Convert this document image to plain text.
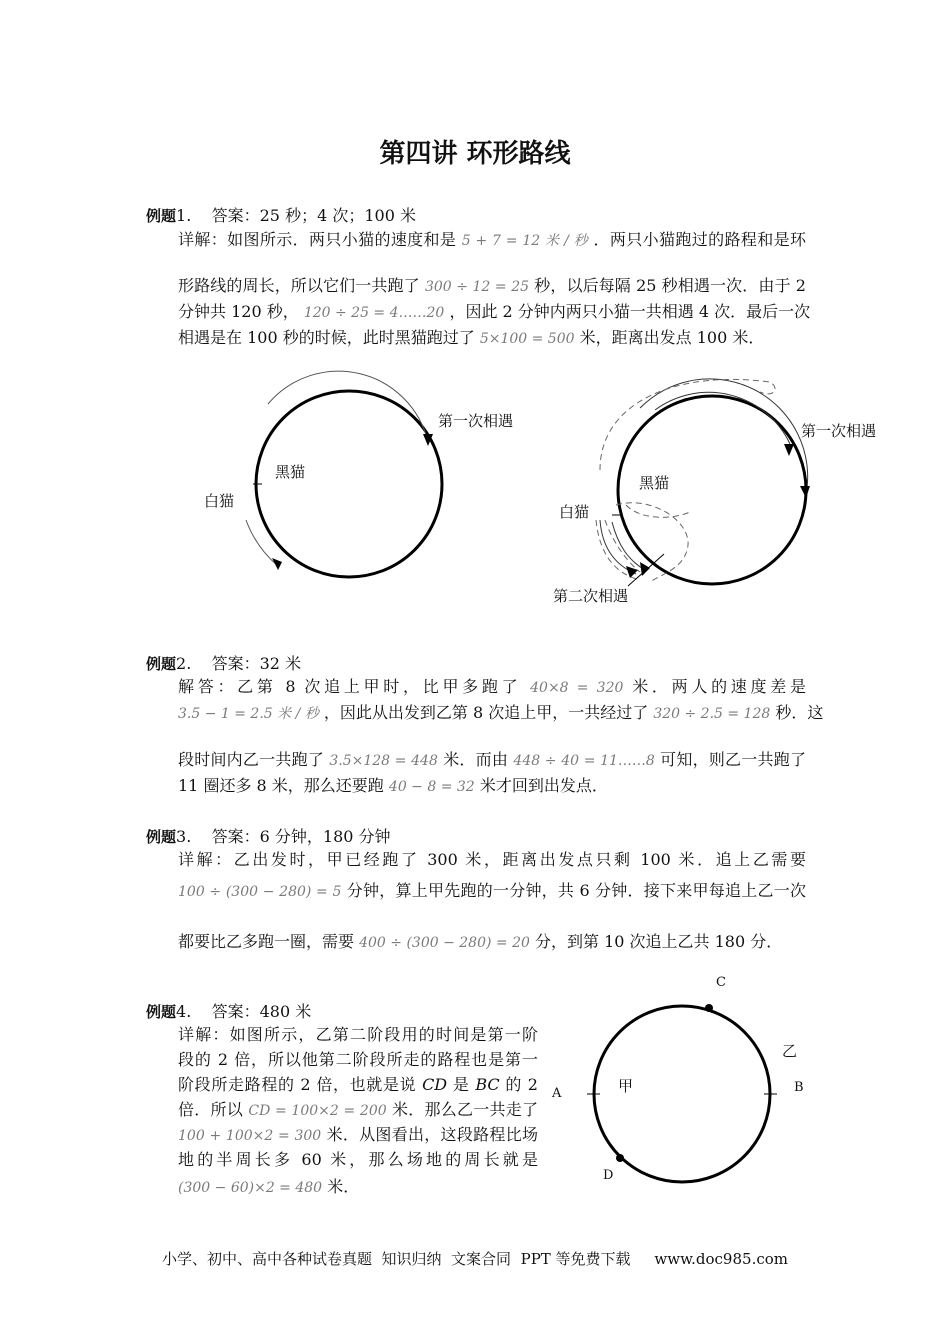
第四讲 环形路线
例题1. 答案：25 秒；4 次；100 米
详解：如图所示．两只小猫的速度和是 5 + 7 = 12 米 / 秒 ．两只小猫跑过的路程和是环
形路线的周长，所以它们一共跑了 300 ÷ 12 = 25 秒，以后每隔 25 秒相遇一次．由于 2
分钟共 120 秒， 120 ÷ 25 = 4……20 ，因此 2 分钟内两只小猫一共相遇 4 次．最后一次
相遇是在 100 秒的时候，此时黑猫跑过了 5×100 = 500 米，距离出发点 100 米．
第一次相遇
黑猫
白猫
第一次相遇
黑猫
白猫
第二次相遇
例题2. 答案：32 米
解答：乙第 8 次追上甲时，比甲多跑了 40×8 = 320 米．两人的速度差是
3.5 − 1 = 2.5 米 / 秒 ，因此从出发到乙第 8 次追上甲，一共经过了 320 ÷ 2.5 = 128 秒．这
段时间内乙一共跑了 3.5×128 = 448 米．而由 448 ÷ 40 = 11……8 可知，则乙一共跑了
11 圈还多 8 米，那么还要跑 40 − 8 = 32 米才回到出发点．
例题3. 答案：6 分钟，180 分钟
详解：乙出发时，甲已经跑了 300 米，距离出发点只剩 100 米．追上乙需要
100 ÷ (300 − 280) = 5 分钟，算上甲先跑的一分钟，共 6 分钟．接下来甲每追上乙一次
都要比乙多跑一圈，需要 400 ÷ (300 − 280) = 20 分，到第 10 次追上乙共 180 分．
例题4. 答案：480 米
详解：如图所示，乙第二阶段用的时间是第一阶
段的 2 倍，所以他第二阶段所走的路程也是第一
阶段所走路程的 2 倍，也就是说 CD 是 BC 的 2
倍．所以 CD = 100×2 = 200 米．那么乙一共走了
100 + 100×2 = 300 米．从图看出，这段路程比场
地的半周长多 60 米，那么场地的周长就是
(300 − 60)×2 = 480 米．
C
B
A
D
甲
乙
小学、初中、高中各种试卷真题  知识归纳  文案合同  PPT 等免费下载     www.doc985.com
